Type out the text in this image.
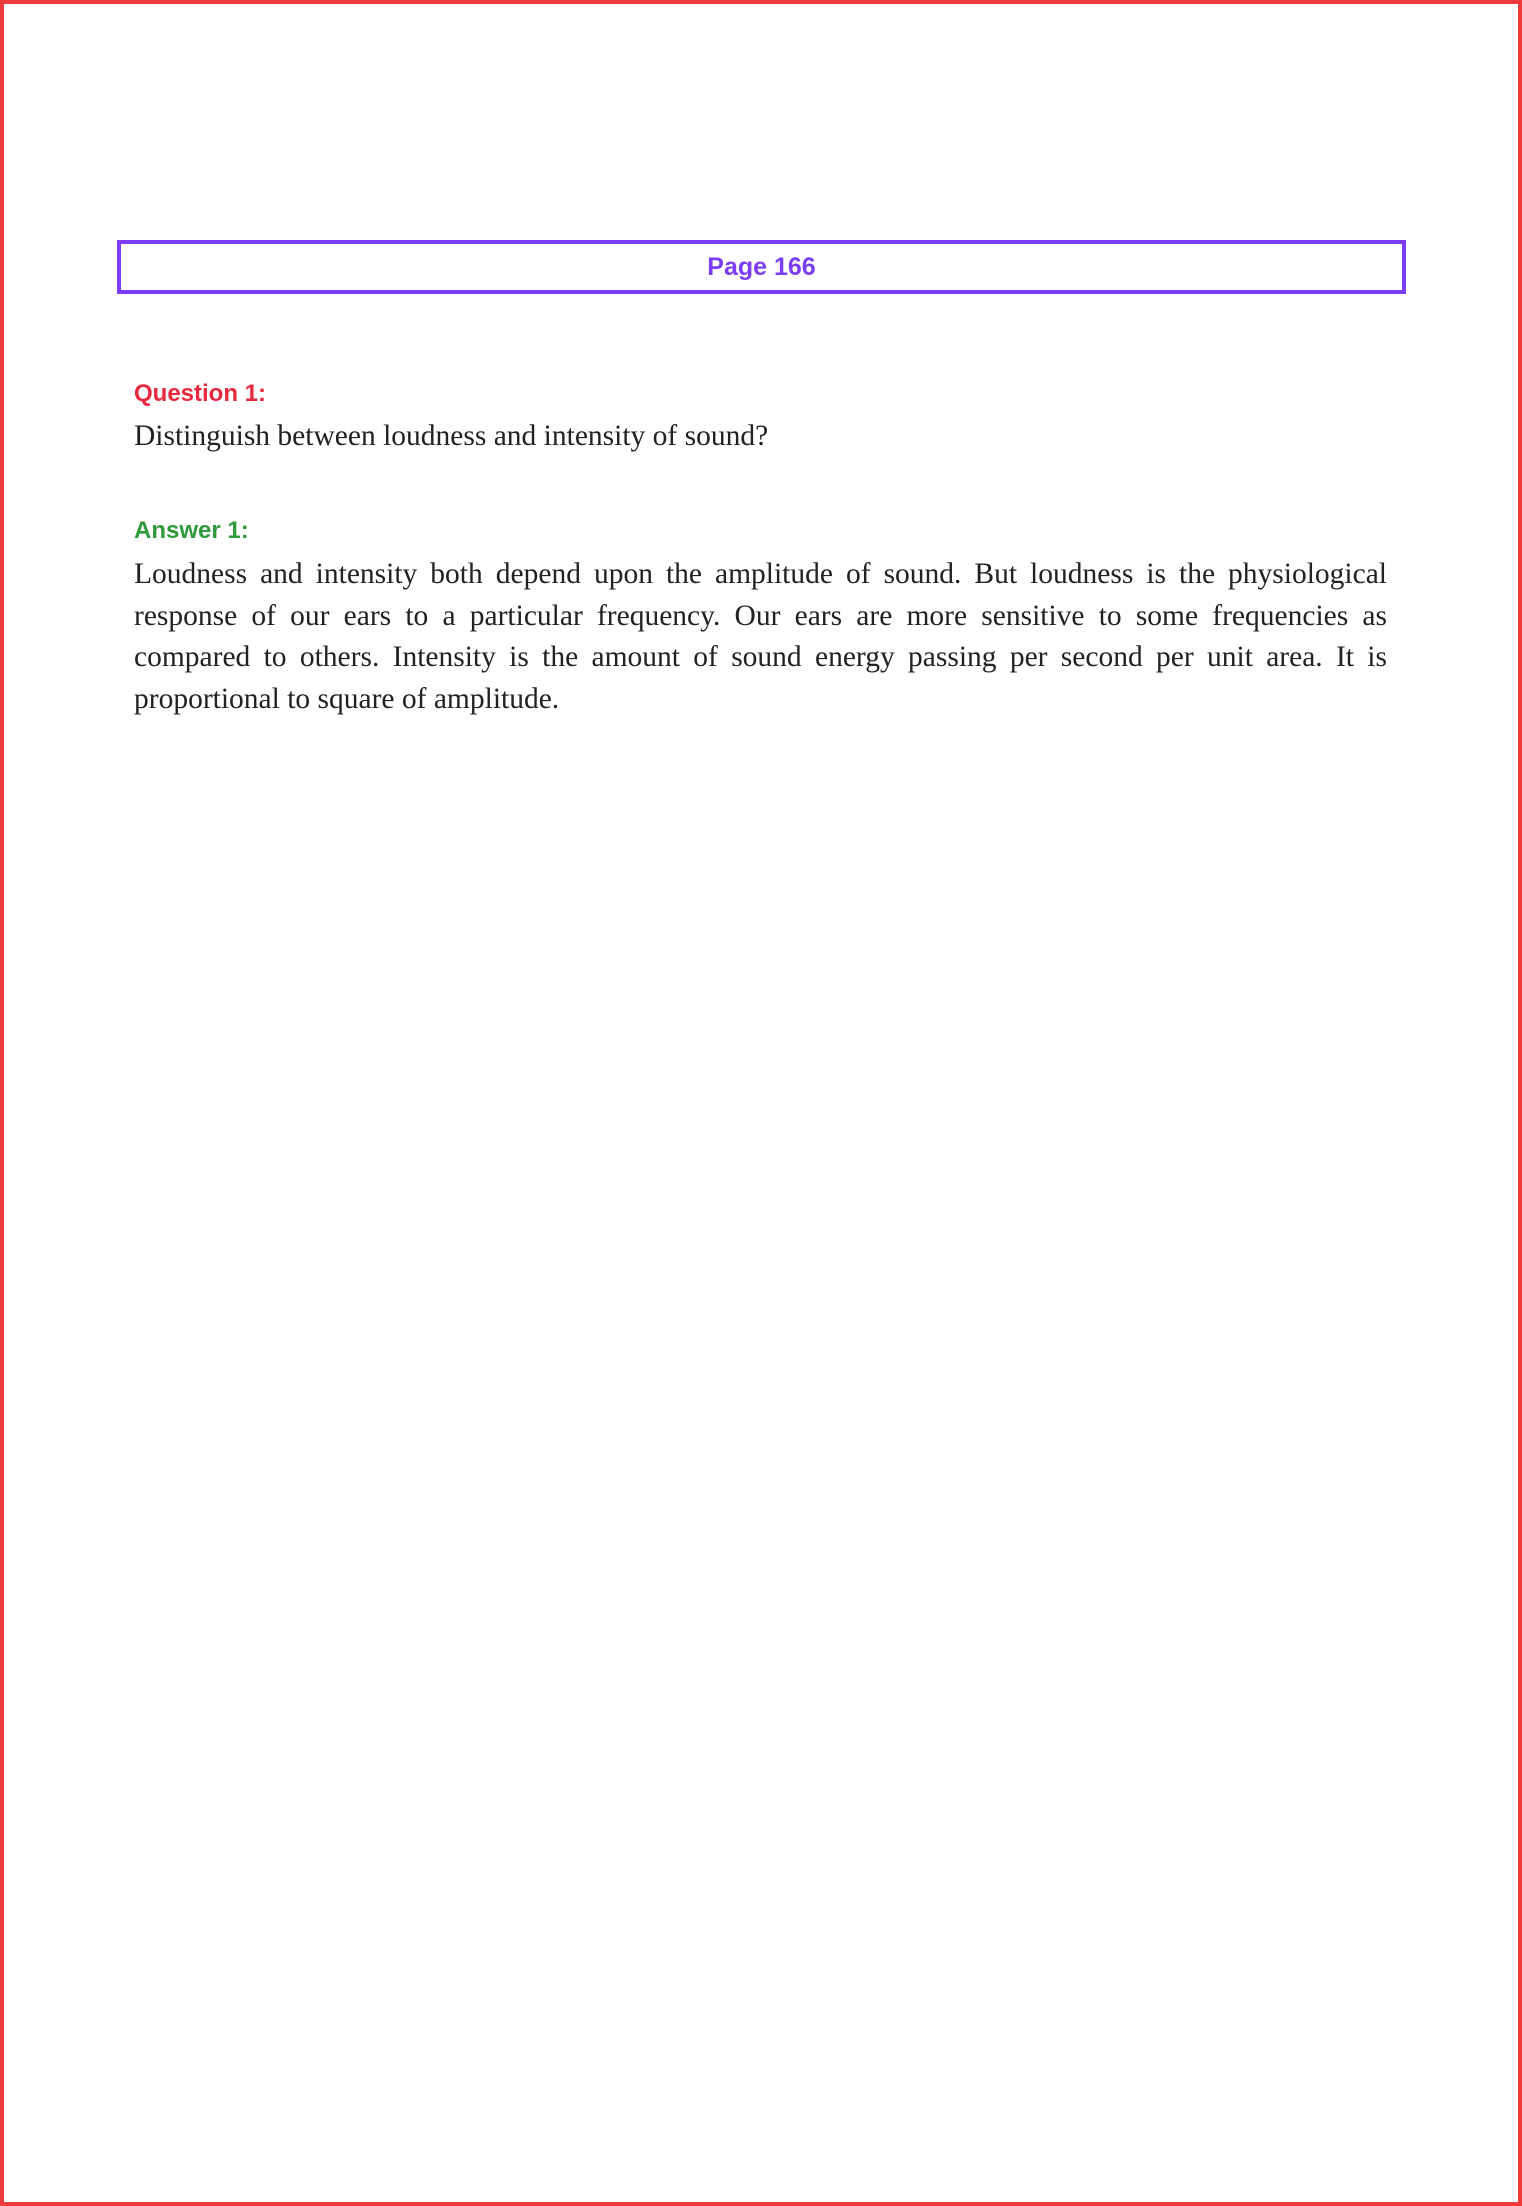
Page 166
Question 1:

Distinguish between loudness and intensity of sound?

Answer 1:

Loudness and intensity both depend upon the amplitude of sound. But loudness is the physiological response of our ears to a particular frequency. Our ears are more sensitive to some frequencies as compared to others. Intensity is the amount of sound energy passing per second per unit area. It is proportional to square of amplitude.
